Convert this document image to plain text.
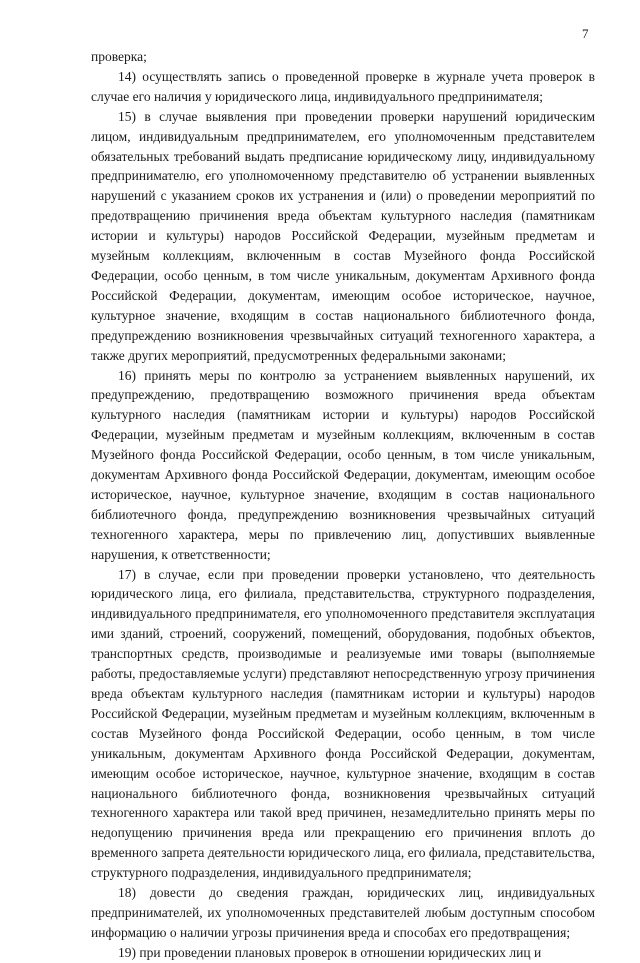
7

проверка;

14) осуществлять запись о проведенной проверке в журнале учета проверок в случае его наличия у юридического лица, индивидуального предпринимателя;

15) в случае выявления при проведении проверки нарушений юридическим лицом, индивидуальным предпринимателем, его уполномоченным представителем обязательных требований выдать предписание юридическому лицу, индивидуальному предпринимателю, его уполномоченному представителю об устранении выявленных нарушений с указанием сроков их устранения и (или) о проведении мероприятий по предотвращению причинения вреда объектам культурного наследия (памятникам истории и культуры) народов Российской Федерации, музейным предметам и музейным коллекциям, включенным в состав Музейного фонда Российской Федерации, особо ценным, в том числе уникальным, документам Архивного фонда Российской Федерации, документам, имеющим особое историческое, научное, культурное значение, входящим в состав национального библиотечного фонда, предупреждению возникновения чрезвычайных ситуаций техногенного характера, а также других мероприятий, предусмотренных федеральными законами;

16) принять меры по контролю за устранением выявленных нарушений, их предупреждению, предотвращению возможного причинения вреда объектам культурного наследия (памятникам истории и культуры) народов Российской Федерации, музейным предметам и музейным коллекциям, включенным в состав Музейного фонда Российской Федерации, особо ценным, в том числе уникальным, документам Архивного фонда Российской Федерации, документам, имеющим особое историческое, научное, культурное значение, входящим в состав национального библиотечного фонда, предупреждению возникновения чрезвычайных ситуаций техногенного характера, меры по привлечению лиц, допустивших выявленные нарушения, к ответственности;

17) в случае, если при проведении проверки установлено, что деятельность юридического лица, его филиала, представительства, структурного подразделения, индивидуального предпринимателя, его уполномоченного представителя эксплуатация ими зданий, строений, сооружений, помещений, оборудования, подобных объектов, транспортных средств, производимые и реализуемые ими товары (выполняемые работы, предоставляемые услуги) представляют непосредственную угрозу причинения вреда объектам культурного наследия (памятникам истории и культуры) народов Российской Федерации, музейным предметам и музейным коллекциям, включенным в состав Музейного фонда Российской Федерации, особо ценным, в том числе уникальным, документам Архивного фонда Российской Федерации, документам, имеющим особое историческое, научное, культурное значение, входящим в состав национального библиотечного фонда, возникновения чрезвычайных ситуаций техногенного характера или такой вред причинен, незамедлительно принять меры по недопущению причинения вреда или прекращению его причинения вплоть до временного запрета деятельности юридического лица, его филиала, представительства, структурного подразделения, индивидуального предпринимателя;

18) довести до сведения граждан, юридических лиц, индивидуальных предпринимателей, их уполномоченных представителей любым доступным способом информацию о наличии угрозы причинения вреда и способах его предотвращения;

19) при проведении плановых проверок в отношении юридических лиц и
